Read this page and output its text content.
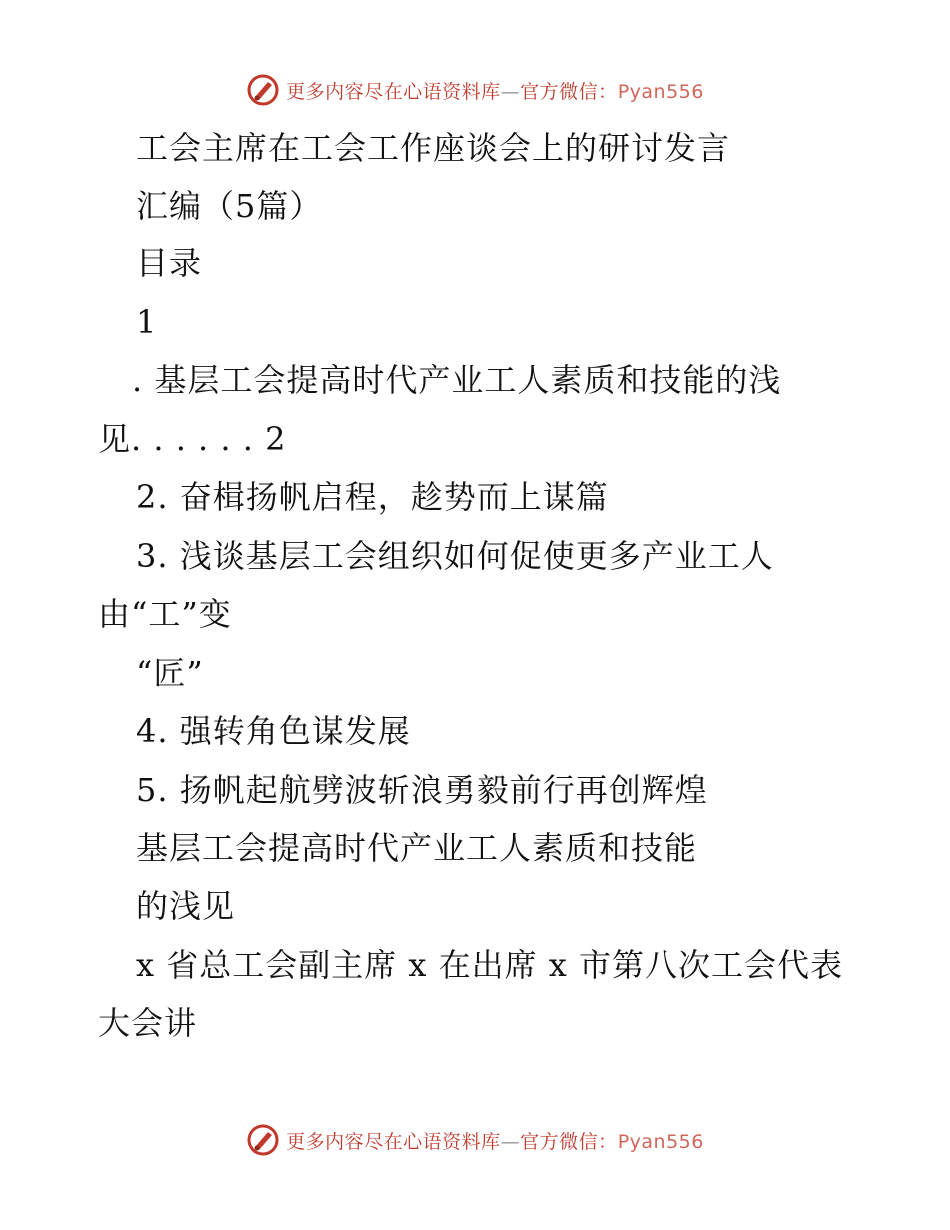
更多内容尽在心语资料库—官方微信：Pyan556
工会主席在工会工作座谈会上的研讨发言
汇编（5篇）
目录
1
. 基层工会提高时代产业工人素质和技能的浅
见. . . . . . 2
2. 奋楫扬帆启程，趁势而上谋篇
3. 浅谈基层工会组织如何促使更多产业工人
由“工”变
“匠”
4. 强转角色谋发展
5. 扬帆起航劈波斩浪勇毅前行再创辉煌
基层工会提高时代产业工人素质和技能
的浅见
x 省总工会副主席 x 在出席 x 市第八次工会代表
大会讲
更多内容尽在心语资料库—官方微信：Pyan556
